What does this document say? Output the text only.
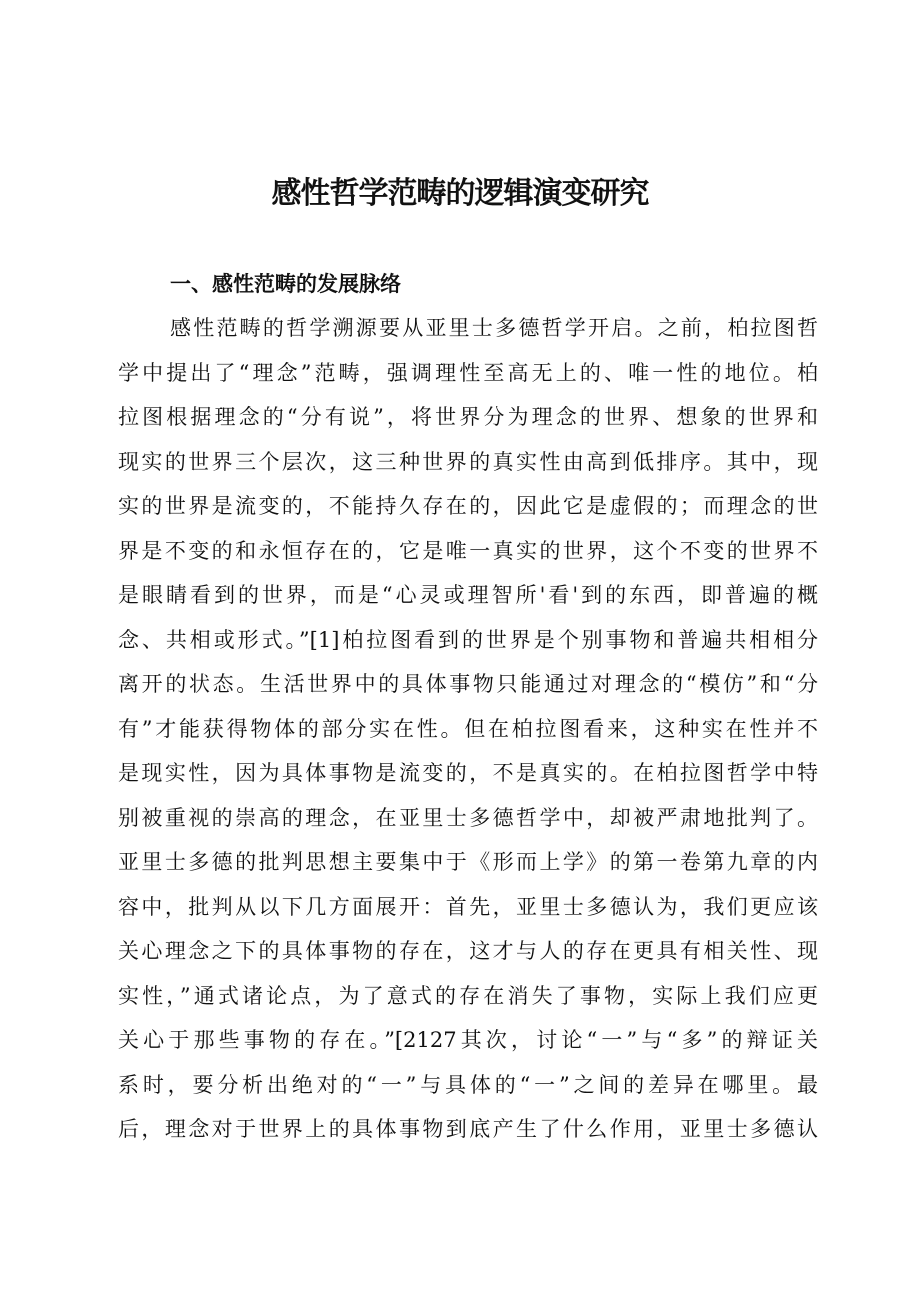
感性哲学范畴的逻辑演变研究
一、感性范畴的发展脉络
感性范畴的哲学溯源要从亚里士多德哲学开启。之前，柏拉图哲
学中提出了“理念”范畴，强调理性至高无上的、唯一性的地位。柏
拉图根据理念的“分有说”，将世界分为理念的世界、想象的世界和
现实的世界三个层次，这三种世界的真实性由高到低排序。其中，现
实的世界是流变的，不能持久存在的，因此它是虚假的；而理念的世
界是不变的和永恒存在的，它是唯一真实的世界，这个不变的世界不
是眼睛看到的世界，而是“心灵或理智所'看'到的东西，即普遍的概
念、共相或形式。”[1]柏拉图看到的世界是个别事物和普遍共相相分
离开的状态。生活世界中的具体事物只能通过对理念的“模仿”和“分
有”才能获得物体的部分实在性。但在柏拉图看来，这种实在性并不
是现实性，因为具体事物是流变的，不是真实的。在柏拉图哲学中特
别被重视的崇高的理念，在亚里士多德哲学中，却被严肃地批判了。
亚里士多德的批判思想主要集中于《形而上学》的第一卷第九章的内
容中，批判从以下几方面展开：首先，亚里士多德认为，我们更应该
关心理念之下的具体事物的存在，这才与人的存在更具有相关性、现
实性，”通式诸论点，为了意式的存在消失了事物，实际上我们应更
关心于那些事物的存在。”[2127其次，讨论“一”与“多”的辩证关
系时，要分析出绝对的“一”与具体的“一”之间的差异在哪里。最
后，理念对于世界上的具体事物到底产生了什么作用，亚里士多德认
